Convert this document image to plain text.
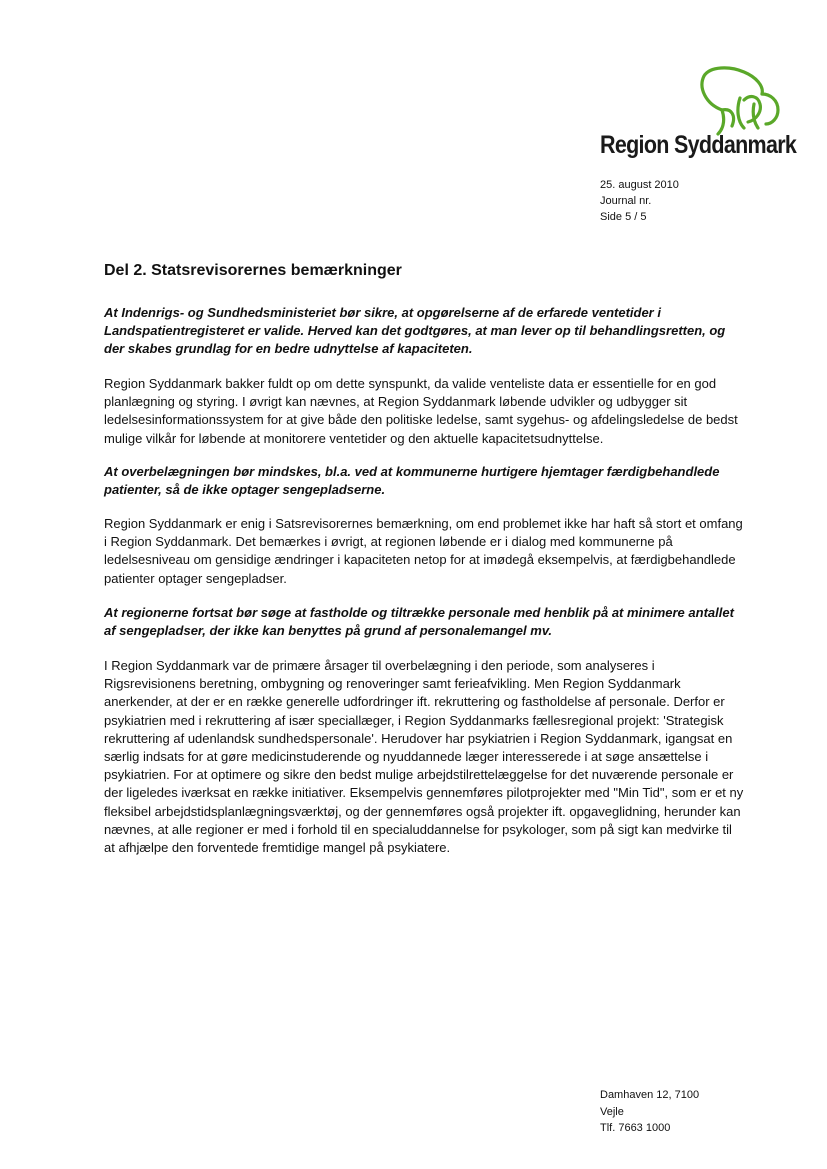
Region Syddanmark
25. august 2010
Journal nr.
Side 5 / 5
Del 2. Statsrevisorernes bemærkninger

At Indenrigs- og Sundhedsministeriet bør sikre, at opgørelserne af de erfarede ventetider i Landspatientregisteret er valide. Herved kan det godtgøres, at man lever op til behandlingsretten, og der skabes grundlag for en bedre udnyttelse af kapaciteten.

Region Syddanmark bakker fuldt op om dette synspunkt, da valide venteliste data er essentielle for en god planlægning og styring. I øvrigt kan nævnes, at Region Syddanmark løbende udvikler og udbygger sit ledelsesinformationssystem for at give både den politiske ledelse, samt sygehus- og afdelingsledelse de bedst mulige vilkår for løbende at monitorere ventetider og den aktuelle kapacitetsudnyttelse.

At overbelægningen bør mindskes, bl.a. ved at kommunerne hurtigere hjemtager færdigbehandlede patienter, så de ikke optager sengepladserne.

Region Syddanmark er enig i Satsrevisorernes bemærkning, om end problemet ikke har haft så stort et omfang i Region Syddanmark. Det bemærkes i øvrigt, at regionen løbende er i dialog med kommunerne på ledelsesniveau om gensidige ændringer i kapaciteten netop for at imødegå eksempelvis, at færdigbehandlede patienter optager sengepladser.

At regionerne fortsat bør søge at fastholde og tiltrække personale med henblik på at minimere antallet af sengepladser, der ikke kan benyttes på grund af personalemangel mv.

I Region Syddanmark var de primære årsager til overbelægning i den periode, som analyseres i Rigsrevisionens beretning, ombygning og renoveringer samt ferieafvikling. Men Region Syddanmark anerkender, at der er en række generelle udfordringer ift. rekruttering og fastholdelse af personale. Derfor er psykiatrien med i rekruttering af især speciallæger, i Region Syddanmarks fællesregional projekt: 'Strategisk rekruttering af udenlandsk sundhedspersonale'. Herudover har psykiatrien i Region Syddanmark, igangsat en særlig indsats for at gøre medicinstuderende og nyuddannede læger interesserede i at søge ansættelse i psykiatrien. For at optimere og sikre den bedst mulige arbejdstilrettelæggelse for det nuværende personale er der ligeledes iværksat en række initiativer. Eksempelvis gennemføres pilotprojekter med "Min Tid", som er et ny fleksibel arbejdstidsplanlægningsværktøj, og der gennemføres også projekter ift. opgaveglidning, herunder kan nævnes, at alle regioner er med i forhold til en specialuddannelse for psykologer, som på sigt kan medvirke til at afhjælpe den forventede fremtidige mangel på psykiatere.

Damhaven 12, 7100
Vejle
Tlf. 7663 1000
